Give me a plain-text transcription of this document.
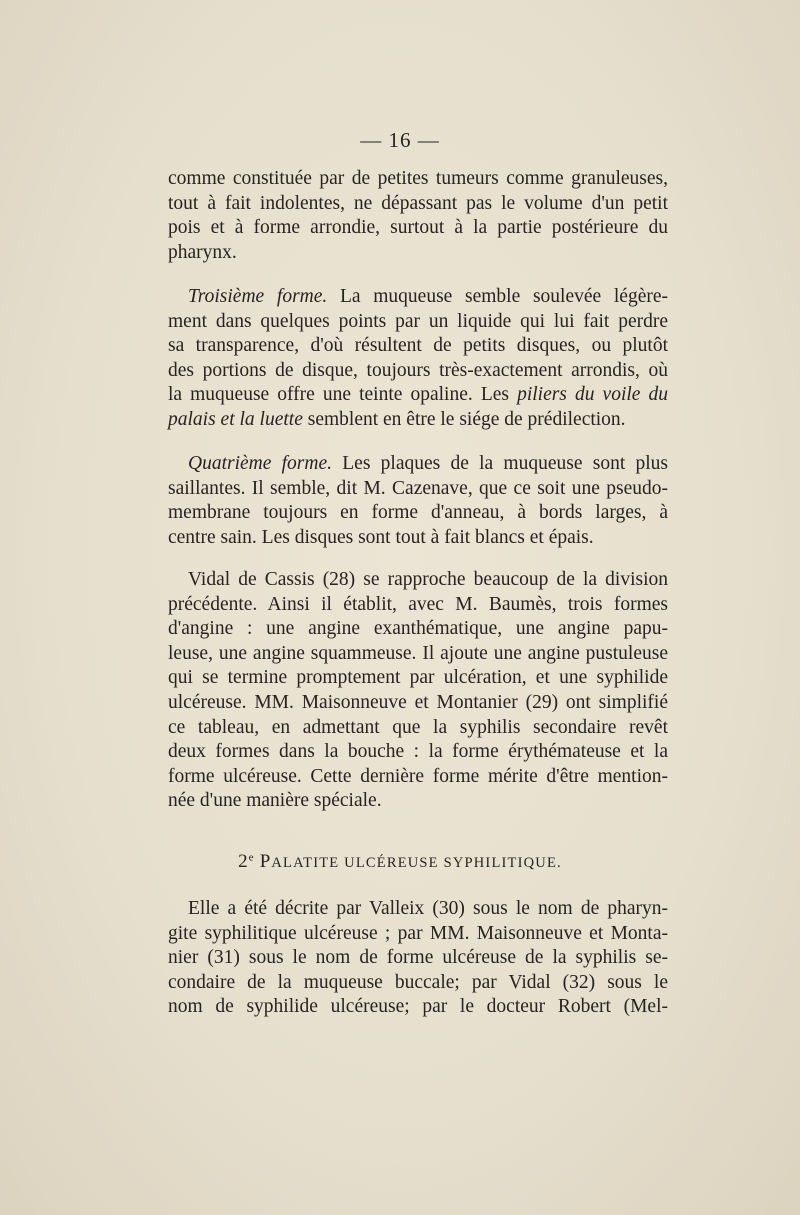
— 16 —
comme constituée par de petites tumeurs comme granuleuses,
tout à fait indolentes, ne dépassant pas le volume d'un petit
pois et à forme arrondie, surtout à la partie postérieure du
pharynx.
Troisième forme. La muqueuse semble soulevée légère-
ment dans quelques points par un liquide qui lui fait perdre
sa transparence, d'où résultent de petits disques, ou plutôt
des portions de disque, toujours très-exactement arrondis, où
la muqueuse offre une teinte opaline. Les piliers du voile du
palais et la luette semblent en être le siége de prédilection.
Quatrième forme. Les plaques de la muqueuse sont plus
saillantes. Il semble, dit M. Cazenave, que ce soit une pseudo-
membrane toujours en forme d'anneau, à bords larges, à
centre sain. Les disques sont tout à fait blancs et épais.
Vidal de Cassis (28) se rapproche beaucoup de la division
précédente. Ainsi il établit, avec M. Baumès, trois formes
d'angine : une angine exanthématique, une angine papu-
leuse, une angine squammeuse. Il ajoute une angine pustuleuse
qui se termine promptement par ulcération, et une syphilide
ulcéreuse. MM. Maisonneuve et Montanier (29) ont simplifié
ce tableau, en admettant que la syphilis secondaire revêt
deux formes dans la bouche : la forme érythémateuse et la
forme ulcéreuse. Cette dernière forme mérite d'être mention-
née d'une manière spéciale.
2e PALATITE ULCÉREUSE SYPHILITIQUE.
Elle a été décrite par Valleix (30) sous le nom de pharyn-
gite syphilitique ulcéreuse ; par MM. Maisonneuve et Monta-
nier (31) sous le nom de forme ulcéreuse de la syphilis se-
condaire de la muqueuse buccale; par Vidal (32) sous le
nom de syphilide ulcéreuse; par le docteur Robert (Mel-
